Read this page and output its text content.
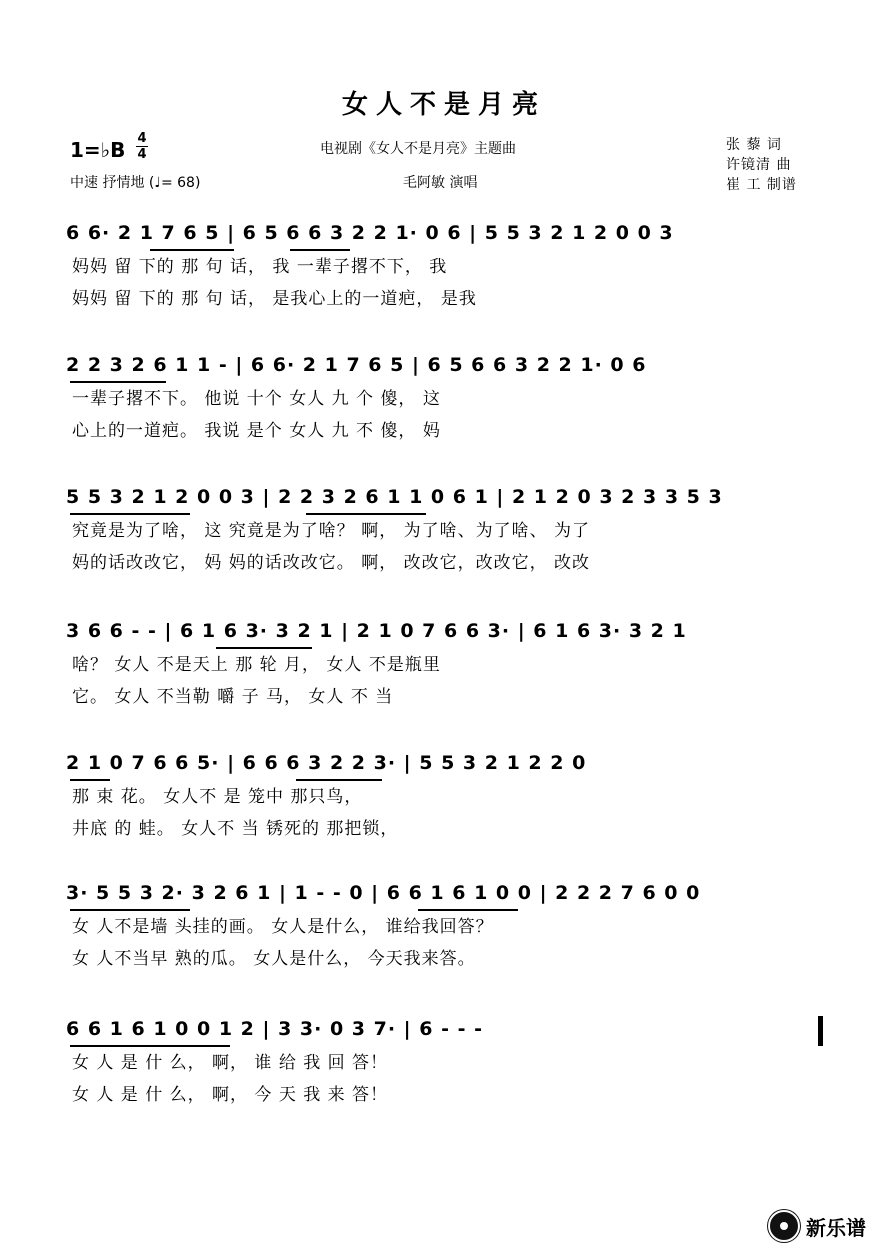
女人不是月亮
1=♭B 4
4
中速 抒情地 (♩= 68)
电视剧《女人不是月亮》主题曲
毛阿敏 演唱
张 藜 词
许镜清 曲
崔 工 制谱
6 6· 2 1 7 6 5 | 6 5 6 6 3 2 2 1· 0 6 | 5 5 3 2 1 2 0 0 3
妈妈 留 下的 那 句 话， 我 一辈子撂不下， 我
妈妈 留 下的 那 句 话， 是我心上的一道疤， 是我
2 2 3 2 6 1 1 - | 6 6· 2 1 7 6 5 | 6 5 6 6 3 2 2 1· 0 6
一辈子撂不下。 他说 十个 女人 九 个 傻， 这
心上的一道疤。 我说 是个 女人 九 不 傻， 妈
5 5 3 2 1 2 0 0 3 | 2 2 3 2 6 1 1 0 6 1 | 2 1 2 0 3 2 3 3 5 3
究竟是为了啥， 这 究竟是为了啥？ 啊， 为了啥、为了啥、 为了
妈的话改改它， 妈 妈的话改改它。 啊， 改改它，改改它， 改改
3 6 6 - - | 6 1 6 3· 3 2 1 | 2 1 0 7 6 6 3· | 6 1 6 3· 3 2 1
啥？ 女人 不是天上 那 轮 月， 女人 不是瓶里
它。 女人 不当勒 嚼 子 马， 女人 不 当
2 1 0 7 6 6 5· | 6 6 6 3 2 2 3· | 5 5 3 2 1 2 2 0
那 束 花。 女人不 是 笼中 那只鸟，
井底 的 蛙。 女人不 当 锈死的 那把锁，
3· 5 5 3 2· 3 2 6 1 | 1 - - 0 | 6 6 1 6 1 0 0 | 2 2 2 7 6 0 0
女 人不是墙 头挂的画。 女人是什么， 谁给我回答？
女 人不当早 熟的瓜。 女人是什么， 今天我来答。
6 6 1 6 1 0 0 1 2 | 3 3· 0 3 7· | 6 - - -
女 人 是 什 么， 啊， 谁 给 我 回 答！
女 人 是 什 么， 啊， 今 天 我 来 答！
新乐谱
